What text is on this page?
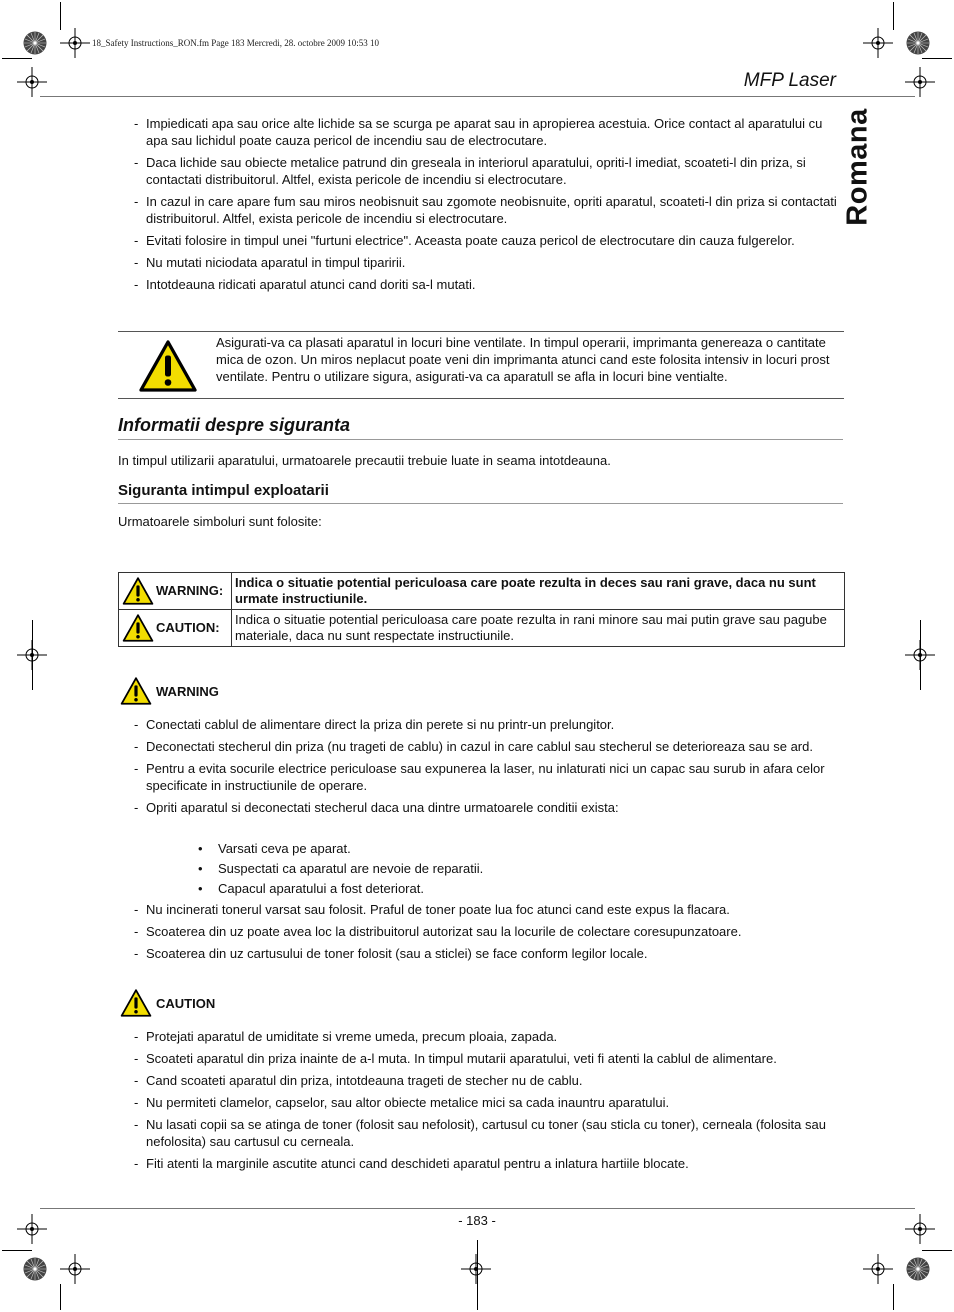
18_Safety Instructions_RON.fm Page 183 Mercredi, 28. octobre 2009 10:53 10
MFP Laser
Romana
- Impiedicati apa sau orice alte lichide sa se scurga pe aparat sau in apropierea acestuia. Orice contact al aparatului cu apa sau lichidul poate cauza pericol de incendiu sau de electrocutare.
- Daca lichide sau obiecte metalice patrund din greseala in interiorul aparatului, opriti-l imediat, scoateti-l din priza, si contactati distribuitorul. Altfel, exista pericole de incendiu si electrocutare.
- In cazul in care apare fum sau miros neobisnuit sau zgomote neobisnuite, opriti aparatul, scoateti-l din priza si contactati distribuitorul. Altfel, exista pericole de incendiu si electrocutare.
- Evitati folosire in timpul unei "furtuni electrice". Aceasta poate cauza pericol de electrocutare din cauza fulgerelor.
- Nu mutati niciodata aparatul in timpul tiparirii.
- Intotdeauna ridicati aparatul atunci cand doriti sa-l mutati.
Asigurati-va ca plasati aparatul in locuri bine ventilate. In timpul operarii, imprimanta genereaza o cantitate mica de ozon. Un miros neplacut poate veni din imprimanta atunci cand este folosita intensiv in locuri prost ventilate. Pentru o utilizare sigura, asigurati-va ca aparatull se afla in locuri bine ventialte.
Informatii despre siguranta
In timpul utilizarii aparatului, urmatoarele precautii trebuie luate in seama intotdeauna.
Siguranta intimpul exploatarii
Urmatoarele simboluri sunt folosite:
WARNING:	Indica o situatie potential periculoasa care poate rezulta in deces sau rani grave, daca nu sunt urmate instructiunile.

CAUTION:	Indica o situatie potential periculoasa care poate rezulta in rani minore sau mai putin grave sau pagube materiale, daca nu sunt respectate instructiunile.
WARNING
- Conectati cablul de alimentare direct la priza din perete si nu printr-un prelungitor.
- Deconectati stecherul din priza (nu trageti de cablu) in cazul in care cablul sau stecherul se deterioreaza sau se ard.
- Pentru a evita socurile electrice periculoase sau expunerea la laser, nu inlaturati nici un capac sau surub in afara celor specificate in instructiunile de operare.
- Opriti aparatul si deconectati stecherul daca una dintre urmatoarele conditii exista:
• Varsati ceva pe aparat.
• Suspectati ca aparatul are nevoie de reparatii.
• Capacul aparatului a fost deteriorat.
- Nu incinerati tonerul varsat sau folosit. Praful de toner poate lua foc atunci cand este expus la flacara.
- Scoaterea din uz poate avea loc la distribuitorul autorizat sau la locurile de colectare coresupunzatoare.
- Scoaterea din uz cartusului de toner folosit (sau a sticlei) se face conform legilor locale.
CAUTION
- Protejati aparatul de umiditate si vreme umeda, precum ploaia, zapada.
- Scoateti aparatul din priza inainte de a-l muta. In timpul mutarii aparatului, veti fi atenti la cablul de alimentare.
- Cand scoateti aparatul din priza, intotdeauna trageti de stecher nu de cablu.
- Nu permiteti clamelor, capselor, sau altor obiecte metalice mici sa cada inauntru aparatului.
- Nu lasati copii sa se atinga de toner (folosit sau nefolosit), cartusul cu toner (sau sticla cu toner), cerneala (folosita sau nefolosita) sau cartusul cu cerneala.
- Fiti atenti la marginile ascutite atunci cand deschideti aparatul pentru a inlatura hartiile blocate.
- 183 -
